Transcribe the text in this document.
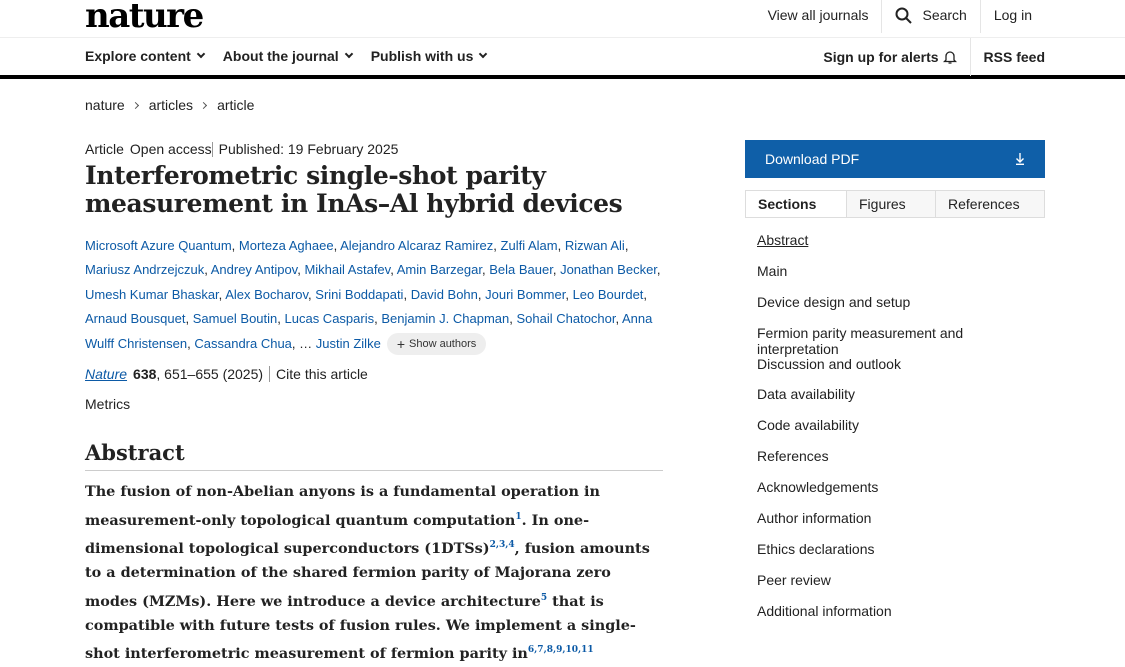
nature	View all journals	Search	Log in
Explore content About the journal Publish with us	Sign up for alerts	RSS feed
nature articles article
Article Open access Published: 19 February 2025
Interferometric single-shot parity measurement in InAs–Al hybrid devices
Microsoft Azure Quantum, Morteza Aghaee, Alejandro Alcaraz Ramirez, Zulfi Alam, Rizwan Ali, Mariusz Andrzejczuk, Andrey Antipov, Mikhail Astafev, Amin Barzegar, Bela Bauer, Jonathan Becker, Umesh Kumar Bhaskar, Alex Bocharov, Srini Boddapati, David Bohn, Jouri Bommer, Leo Bourdet, Arnaud Bousquet, Samuel Boutin, Lucas Casparis, Benjamin J. Chapman, Sohail Chatochor, Anna Wulff Christensen, Cassandra Chua, … Justin Zilke + Show authors
Nature 638 , 651–655 (2025) Cite this article
Metrics
Abstract

The fusion of non-Abelian anyons is a fundamental operation in measurement-only topological quantum computation$^1$. In one-dimensional topological superconductors (1DTSs)$^{2,3,4}$, fusion amounts to a determination of the shared fermion parity of Majorana zero modes (MZMs). Here we introduce a device architecture$^5$ that is compatible with future tests of fusion rules. We implement a single-shot interferometric measurement of fermion parity in$^{6,7,8,9,10,11}$

Download PDF
Sections	Figures	References
Abstract
Main
Device design and setup
Fermion parity measurement and interpretation
Discussion and outlook
Data availability
Code availability
References
Acknowledgements
Author information
Ethics declarations
Peer review
Additional information
